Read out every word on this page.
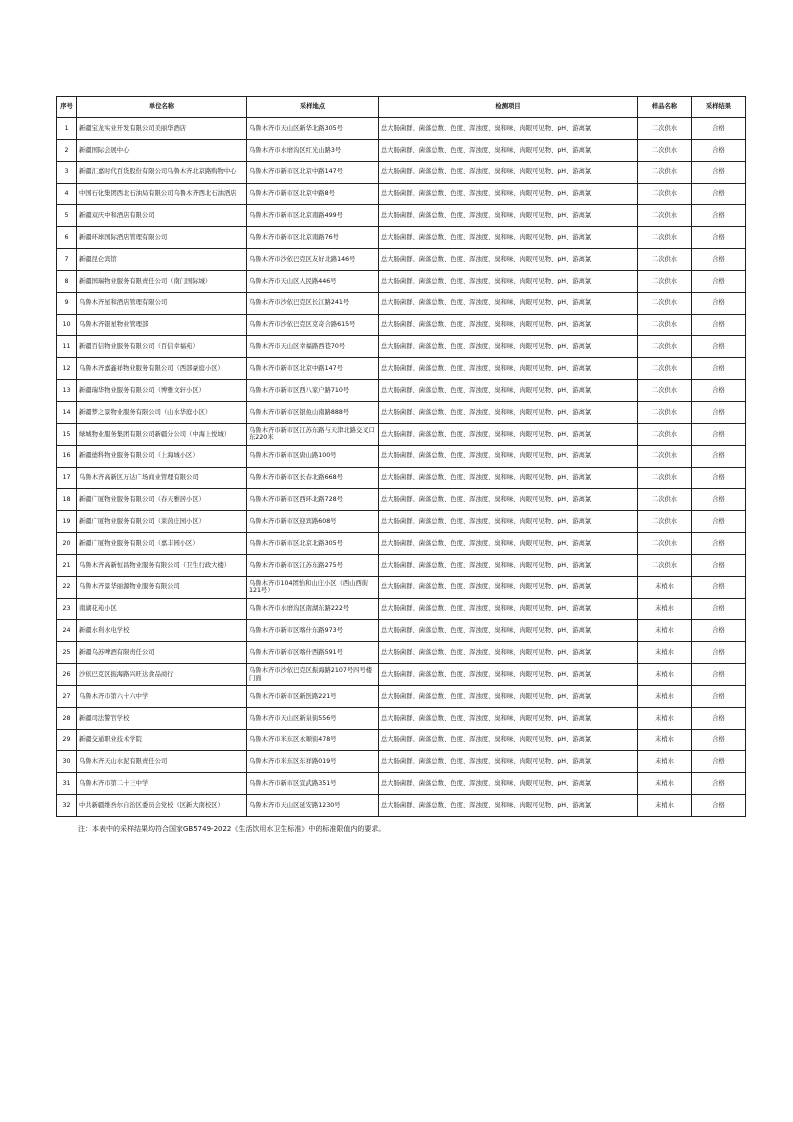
序号	单位名称	采样地点	检测项目	样品名称	采样结果
1	新疆宝龙实业开发有限公司美丽华酒店	乌鲁木齐市天山区新华北路305号	总大肠菌群、菌落总数、色度、浑浊度、臭和味、肉眼可见物、pH、游离氯	二次供水	合格
2	新疆国际会展中心	乌鲁木齐市水磨沟区红光山路3号	总大肠菌群、菌落总数、色度、浑浊度、臭和味、肉眼可见物、pH、游离氯	二次供水	合格
3	新疆汇嘉时代百货股份有限公司乌鲁木齐北京路购物中心	乌鲁木齐市新市区北京中路147号	总大肠菌群、菌落总数、色度、浑浊度、臭和味、肉眼可见物、pH、游离氯	二次供水	合格
4	中国石化集团西北石油局有限公司乌鲁木齐西北石油酒店	乌鲁木齐市新市区北京中路8号	总大肠菌群、菌落总数、色度、浑浊度、臭和味、肉眼可见物、pH、游离氯	二次供水	合格
5	新疆双庆中和酒店有限公司	乌鲁木齐市新市区北京南路499号	总大肠菌群、菌落总数、色度、浑浊度、臭和味、肉眼可见物、pH、游离氯	二次供水	合格
6	新疆环球国际酒店管理有限公司	乌鲁木齐市新市区北京南路76号	总大肠菌群、菌落总数、色度、浑浊度、臭和味、肉眼可见物、pH、游离氯	二次供水	合格
7	新疆昆仑宾馆	乌鲁木齐市沙依巴克区友好北路146号	总大肠菌群、菌落总数、色度、浑浊度、臭和味、肉眼可见物、pH、游离氯	二次供水	合格
8	新疆国瑞物业服务有限责任公司（南门国际城）	乌鲁木齐市天山区人民路446号	总大肠菌群、菌落总数、色度、浑浊度、臭和味、肉眼可见物、pH、游离氯	二次供水	合格
9	乌鲁木齐星和酒店管理有限公司	乌鲁木齐市沙依巴克区长江路241号	总大肠菌群、菌落总数、色度、浑浊度、臭和味、肉眼可见物、pH、游离氯	二次供水	合格
10	乌鲁木齐银星物业管理部	乌鲁木齐市沙依巴克区克奇合路615号	总大肠菌群、菌落总数、色度、浑浊度、臭和味、肉眼可见物、pH、游离氯	二次供水	合格
11	新疆百信物业服务有限公司（百信幸福苑）	乌鲁木齐市天山区幸福路西巷70号	总大肠菌群、菌落总数、色度、浑浊度、臭和味、肉眼可见物、pH、游离氯	二次供水	合格
12	乌鲁木齐嘉鑫祥物业服务有限公司（西部豪庭小区）	乌鲁木齐市新市区北京中路147号	总大肠菌群、菌落总数、色度、浑浊度、臭和味、肉眼可见物、pH、游离氯	二次供水	合格
13	新疆瑞华物业服务有限公司（博雅文轩小区）	乌鲁木齐市新市区西八家户路710号	总大肠菌群、菌落总数、色度、浑浊度、臭和味、肉眼可见物、pH、游离氯	二次供水	合格
14	新疆梦之景物业服务有限公司（山水华庭小区）	乌鲁木齐市新市区银鱼山南路888号	总大肠菌群、菌落总数、色度、浑浊度、臭和味、肉眼可见物、pH、游离氯	二次供水	合格
15	绿城物业服务集团有限公司新疆分公司（中海上悦城）	乌鲁木齐市新市区江苏东路与天津北路交叉口东220米	总大肠菌群、菌落总数、色度、浑浊度、臭和味、肉眼可见物、pH、游离氯	二次供水	合格
16	新疆德科物业服务有限公司（上海城小区）	乌鲁木齐市新市区唐山路100号	总大肠菌群、菌落总数、色度、浑浊度、臭和味、肉眼可见物、pH、游离氯	二次供水	合格
17	乌鲁木齐高新区万达广场商业管理有限公司	乌鲁木齐市新市区长春北路668号	总大肠菌群、菌落总数、色度、浑浊度、臭和味、肉眼可见物、pH、游离氯	二次供水	合格
18	新疆广厦物业服务有限公司（春天雅居小区）	乌鲁木齐市新市区西环北路728号	总大肠菌群、菌落总数、色度、浑浊度、臭和味、肉眼可见物、pH、游离氯	二次供水	合格
19	新疆广厦物业服务有限公司（莱茵庄园小区）	乌鲁木齐市新市区迎宾路608号	总大肠菌群、菌落总数、色度、浑浊度、臭和味、肉眼可见物、pH、游离氯	二次供水	合格
20	新疆广厦物业服务有限公司（嘉丰园小区）	乌鲁木齐市新市区北京北路305号	总大肠菌群、菌落总数、色度、浑浊度、臭和味、肉眼可见物、pH、游离氯	二次供水	合格
21	乌鲁木齐高新恒昌物业服务有限公司（卫生行政大楼）	乌鲁木齐市新市区江苏东路275号	总大肠菌群、菌落总数、色度、浑浊度、臭和味、肉眼可见物、pH、游离氯	二次供水	合格
22	乌鲁木齐景华丽源物业服务有限公司	乌鲁木齐市104团怡和山庄小区（西山西街121号）	总大肠菌群、菌落总数、色度、浑浊度、臭和味、肉眼可见物、pH、游离氯	末梢水	合格
23	南湖花苑小区	乌鲁木齐市水磨沟区南湖东路222号	总大肠菌群、菌落总数、色度、浑浊度、臭和味、肉眼可见物、pH、游离氯	末梢水	合格
24	新疆水利水电学校	乌鲁木齐市新市区喀什东路973号	总大肠菌群、菌落总数、色度、浑浊度、臭和味、肉眼可见物、pH、游离氯	末梢水	合格
25	新疆乌苏啤酒有限责任公司	乌鲁木齐市新市区喀什西路591号	总大肠菌群、菌落总数、色度、浑浊度、臭和味、肉眼可见物、pH、游离氯	末梢水	合格
26	沙依巴克区振海路兴旺达食品商行	乌鲁木齐市沙依巴克区振海路2107号四号楼门面	总大肠菌群、菌落总数、色度、浑浊度、臭和味、肉眼可见物、pH、游离氯	末梢水	合格
27	乌鲁木齐市第六十六中学	乌鲁木齐市新市区新医路221号	总大肠菌群、菌落总数、色度、浑浊度、臭和味、肉眼可见物、pH、游离氯	末梢水	合格
28	新疆司法警官学校	乌鲁木齐市天山区新泉街556号	总大肠菌群、菌落总数、色度、浑浊度、臭和味、肉眼可见物、pH、游离氯	末梢水	合格
29	新疆交通职业技术学院	乌鲁木齐市米东区永顺街478号	总大肠菌群、菌落总数、色度、浑浊度、臭和味、肉眼可见物、pH、游离氯	末梢水	合格
30	乌鲁木齐天山水泥有限责任公司	乌鲁木齐市米东区东祥路019号	总大肠菌群、菌落总数、色度、浑浊度、臭和味、肉眼可见物、pH、游离氯	末梢水	合格
31	乌鲁木齐市第二十三中学	乌鲁木齐市新市区宣武路351号	总大肠菌群、菌落总数、色度、浑浊度、臭和味、肉眼可见物、pH、游离氯	末梢水	合格
32	中共新疆维吾尔自治区委员会党校（区新大南校区）	乌鲁木齐市天山区延安路1230号	总大肠菌群、菌落总数、色度、浑浊度、臭和味、肉眼可见物、pH、游离氯	末梢水	合格
注：本表中的采样结果均符合国家GB5749-2022《生活饮用水卫生标准》中的标准限值内的要求。
